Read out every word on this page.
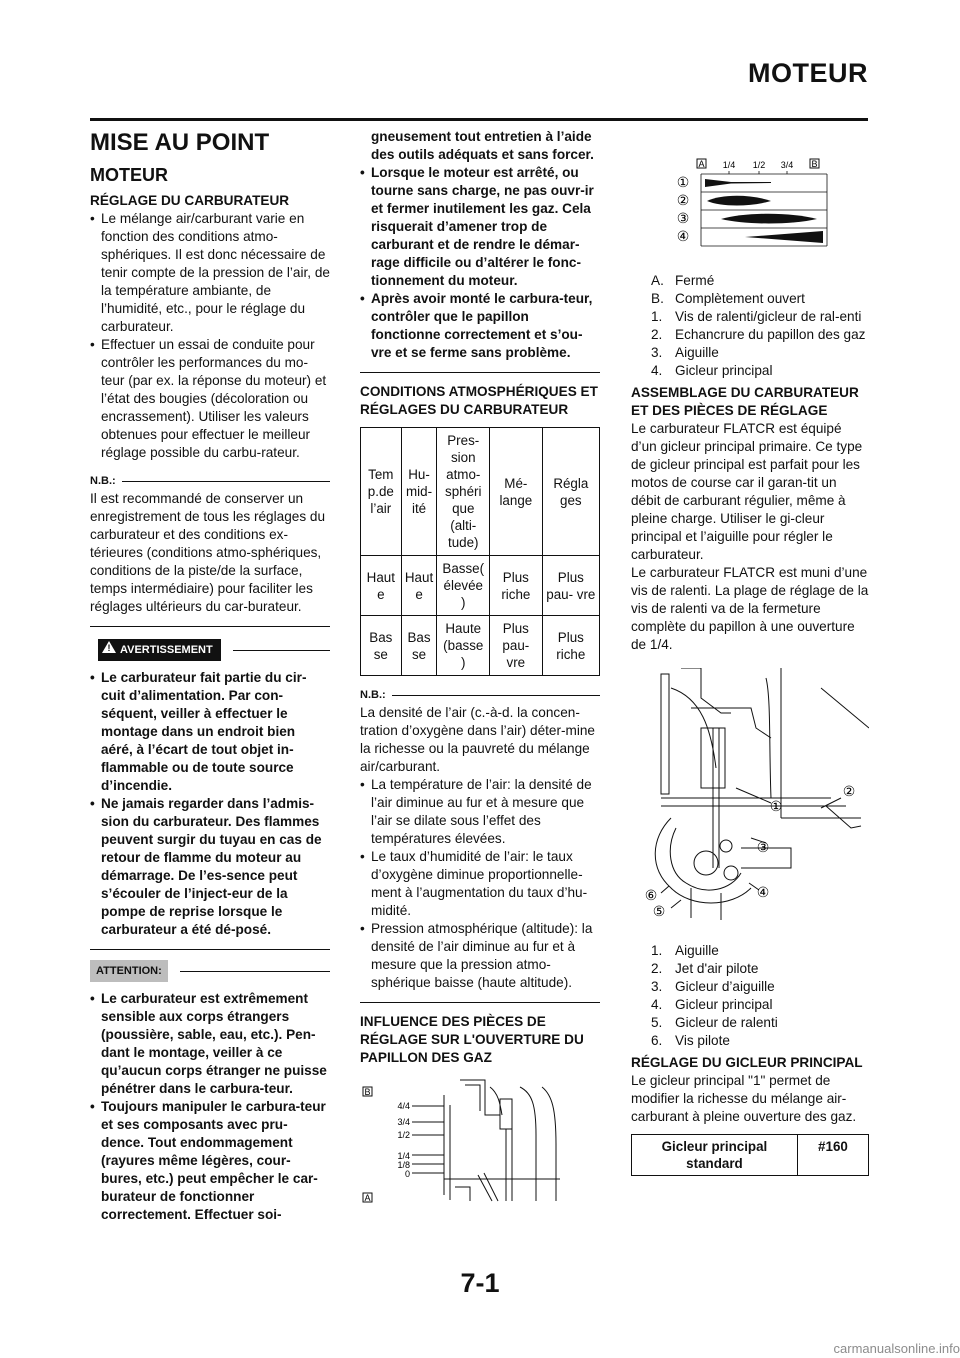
MOTEUR
MISE AU POINT
MOTEUR
RÉGLAGE DU CARBURATEUR
• Le mélange air/carburant varie en fonction des conditions atmo-sphériques. Il est donc nécessaire de tenir compte de la pression de l’air, de la température ambiante, de l’humidité, etc., pour le réglage du carburateur.
• Effectuer un essai de conduite pour contrôler les performances du mo-teur (par ex. la réponse du moteur) et l’état des bougies (décoloration ou encrassement). Utiliser les valeurs obtenues pour effectuer le meilleur réglage possible du carbu-rateur.
N.B.:

Il est recommandé de conserver un enregistrement de tous les réglages du carburateur et des conditions ex-térieures (conditions atmo-sphériques, conditions de la piste/de la surface, temps intermédiaire) pour faciliter les réglages ultérieurs du car-burateur.

! AVERTISSEMENT
• Le carburateur fait partie du cir-cuit d’alimentation. Par con-séquent, veiller à effectuer le montage dans un endroit bien aéré, à l’écart de tout objet in-flammable ou de toute source d’incendie.
• Ne jamais regarder dans l’admis-sion du carburateur. Des flammes peuvent surgir du tuyau en cas de retour de flamme du moteur au démarrage. De l’es-sence peut s’écouler de l’inject-eur de la pompe de reprise lorsque le carburateur a été dé-posé.
ATTENTION:
• Le carburateur est extrêmement sensible aux corps étrangers (poussière, sable, eau, etc.). Pen-dant le montage, veiller à ce qu’aucun corps étranger ne puisse pénétrer dans le carbura-teur.
• Toujours manipuler le carbura-teur et ses composants avec pru-dence. Tout endommagement (rayures même légères, cour-bures, etc.) peut empêcher le car-burateur de fonctionner correctement. Effectuer soi-

gneusement tout entretien à l’aide des outils adéquats et sans forcer.

• Lorsque le moteur est arrêté, ou tourne sans charge, ne pas ouvr-ir et fermer inutilement les gaz. Cela risquerait d’amener trop de carburant et de rendre le démar-rage difficile ou d’altérer le fonc-tionnement du moteur.
• Après avoir monté le carbura-teur, contrôler que le papillon fonctionne correctement et s’ou-vre et se ferme sans problème.
CONDITIONS ATMOSPHÉRIQUES ET RÉGLAGES DU CARBURATEUR
Tem p.de l’air	Hu- mid- ité	Pres- sion atmo- sphéri que (alti- tude)	Mé- lange	Régla ges
Haut e	Haut e	Basse( élevée )	Plus riche	Plus pau- vre
Bas se	Bas se	Haute (basse )	Plus pau- vre	Plus riche
N.B.:

La densité de l’air (c.-à-d. la concen-tration d’oxygène dans l’air) déter-mine la richesse ou la pauvreté du mélange air/carburant.

• La température de l’air: la densité de l’air diminue au fur et à mesure que l’air se dilate sous l’effet des températures élevées.
• Le taux d’humidité de l’air: le taux d’oxygène diminue proportionnelle-ment à l’augmentation du taux d’hu-midité.
• Pression atmosphérique (altitude): la densité de l’air diminue au fur et à mesure que la pression atmo-sphérique baisse (haute altitude).
INFLUENCE DES PIÈCES DE RÉGLAGE SUR L'OUVERTURE DU PAPILLON DES GAZ
B
A
4/4
3/4
1/2
1/4
1/8
0
A 1/4 1/2 3/4 B
①
②
③
④
A. Fermé
B. Complètement ouvert
1. Vis de ralenti/gicleur de ral-enti
2. Echancrure du papillon des gaz
3. Aiguille
4. Gicleur principal
ASSEMBLAGE DU CARBURATEUR ET DES PIÈCES DE RÉGLAGE

Le carburateur FLATCR est équipé d’un gicleur principal primaire. Ce type de gicleur principal est parfait pour les motos de course car il garan-tit un débit de carburant régulier, même à pleine charge. Utiliser le gi-cleur principal et l’aiguille pour régler le carburateur.

Le carburateur FLATCR est muni d’une vis de ralenti. La plage de réglage de la vis de ralenti va de la fermeture complète du papillon à une ouverture de 1/4.

①
②
③
④
⑤
⑥
1. Aiguille
2. Jet d'air pilote
3. Gicleur d’aiguille
4. Gicleur principal
5. Gicleur de ralenti
6. Vis pilote
RÉGLAGE DU GICLEUR PRINCIPAL

Le gicleur principal "1" permet de modifier la richesse du mélange air-carburant à pleine ouverture des gaz.

Gicleur principal standard	#160
7-1
carmanualsonline.info
